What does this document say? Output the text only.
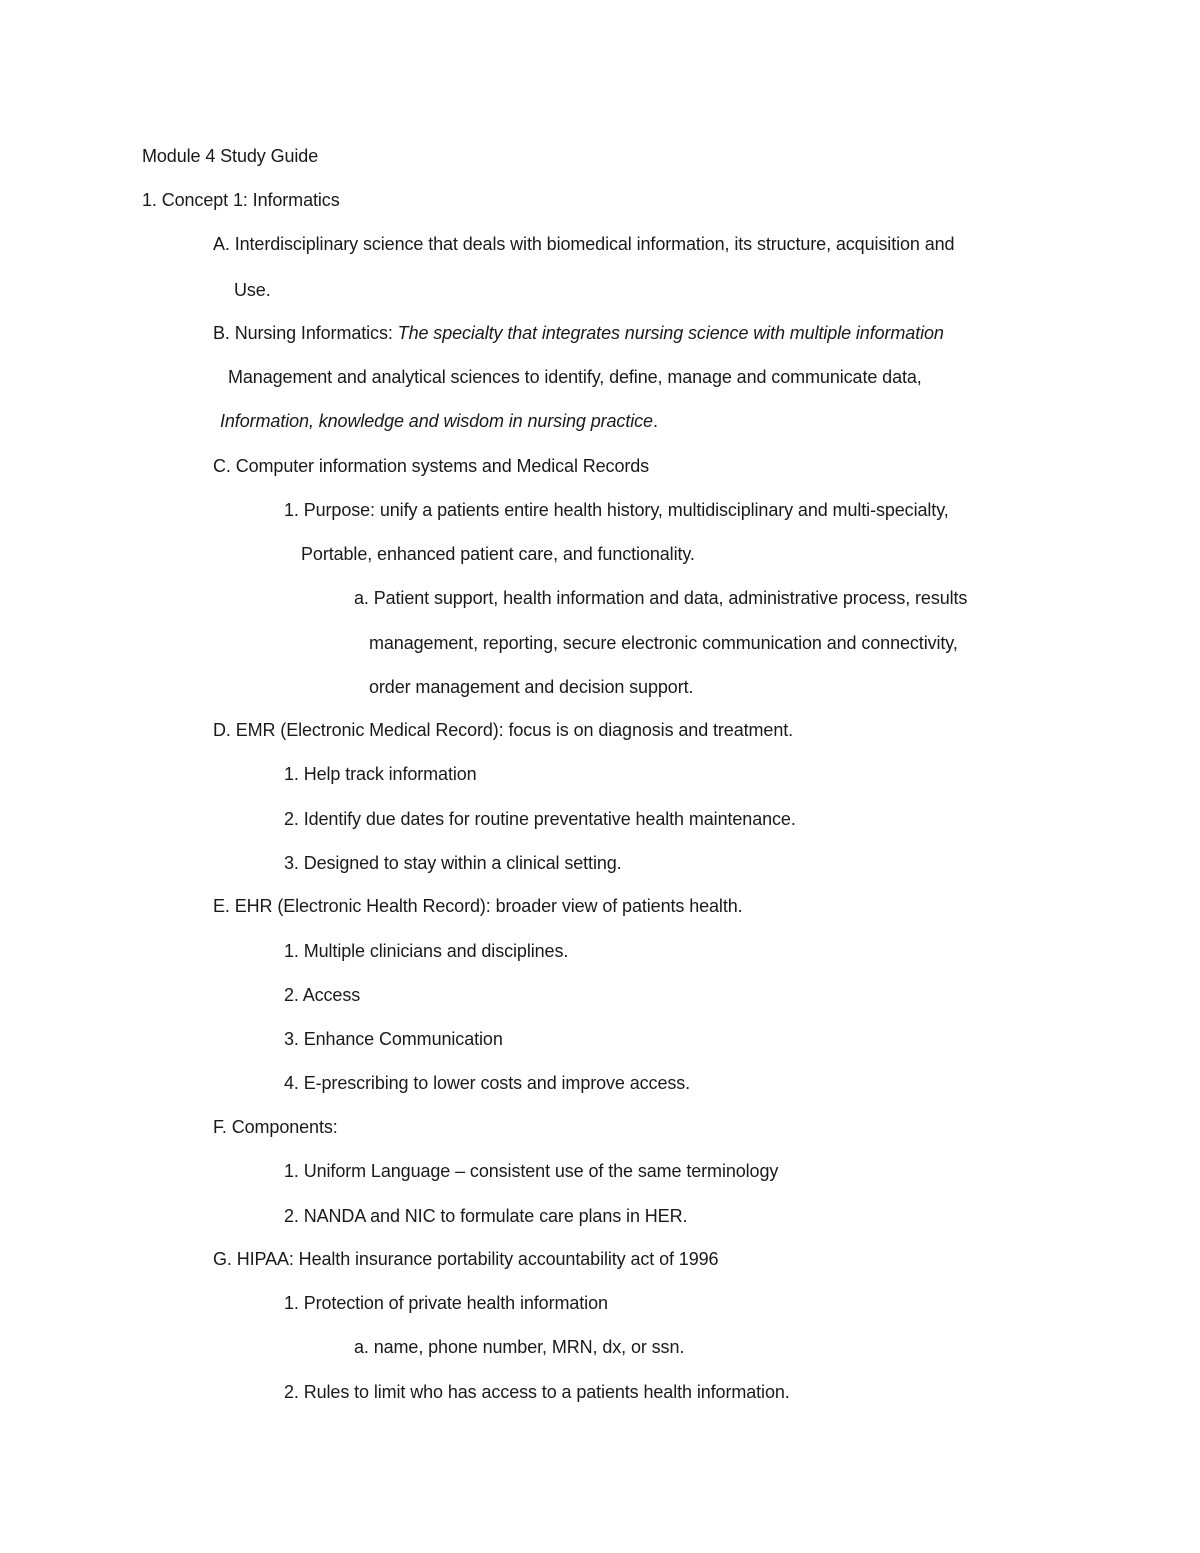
Module 4 Study Guide
1. Concept 1: Informatics
A. Interdisciplinary science that deals with biomedical information, its structure, acquisition and
Use.
B. Nursing Informatics: The specialty that integrates nursing science with multiple information
Management and analytical sciences to identify, define, manage and communicate data,
Information, knowledge and wisdom in nursing practice.
C. Computer information systems and Medical Records
1. Purpose: unify a patients entire health history, multidisciplinary and multi-specialty,
Portable, enhanced patient care, and functionality.
a. Patient support, health information and data, administrative process, results
management, reporting, secure electronic communication and connectivity,
order management and decision support.
D. EMR (Electronic Medical Record): focus is on diagnosis and treatment.
1. Help track information
2. Identify due dates for routine preventative health maintenance.
3. Designed to stay within a clinical setting.
E. EHR (Electronic Health Record): broader view of patients health.
1. Multiple clinicians and disciplines.
2. Access
3. Enhance Communication
4. E-prescribing to lower costs and improve access.
F. Components:
1. Uniform Language – consistent use of the same terminology
2. NANDA and NIC to formulate care plans in HER.
G. HIPAA: Health insurance portability accountability act of 1996
1. Protection of private health information
a. name, phone number, MRN, dx, or ssn.
2. Rules to limit who has access to a patients health information.
